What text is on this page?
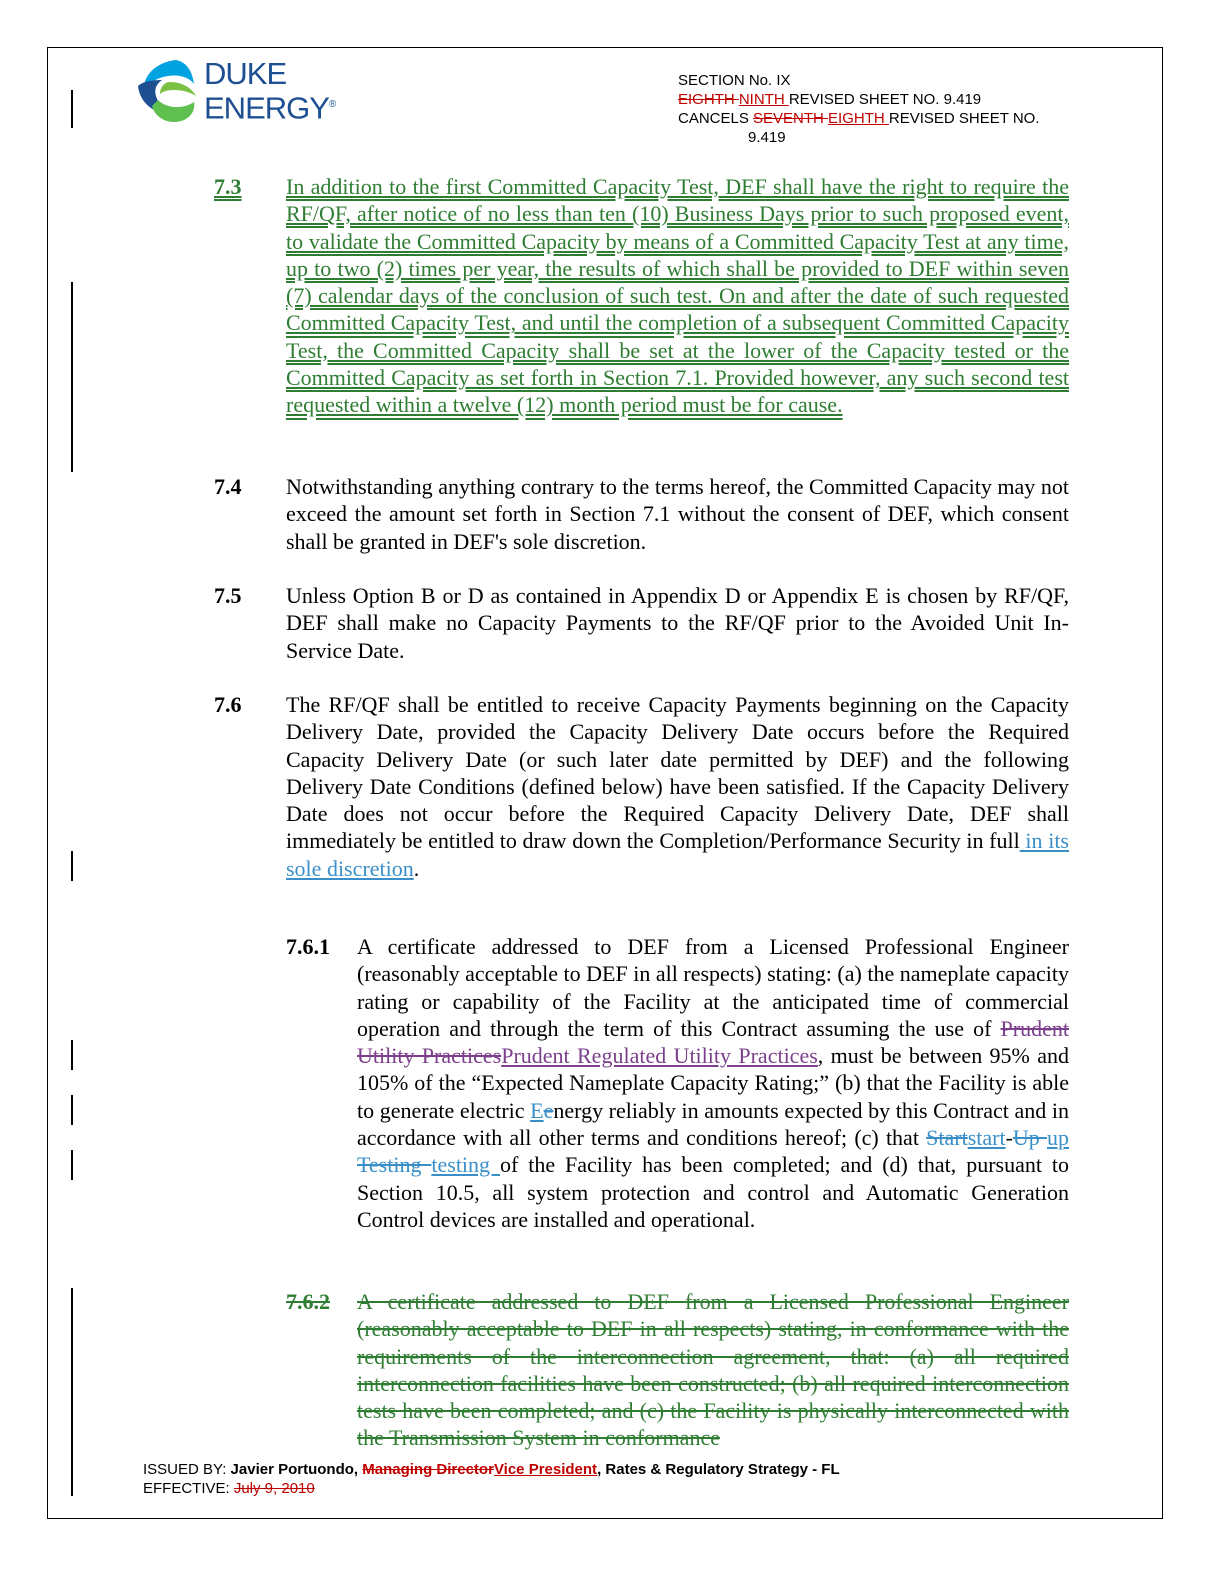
DUKE
ENERGY®
SECTION No. IX
EIGHTH NINTH REVISED SHEET NO. 9.419
CANCELS SEVENTH EIGHTH REVISED SHEET NO.
9.419
7.3 In addition to the first Committed Capacity Test, DEF shall have the right to require the RF/QF, after notice of no less than ten (10) Business Days prior to such proposed event, to validate the Committed Capacity by means of a Committed Capacity Test at any time, up to two (2) times per year, the results of which shall be provided to DEF within seven (7) calendar days of the conclusion of such test. On and after the date of such requested Committed Capacity Test, and until the completion of a subsequent Committed Capacity Test, the Committed Capacity shall be set at the lower of the Capacity tested or the Committed Capacity as set forth in Section 7.1. Provided however, any such second test requested within a twelve (12) month period must be for cause.
7.4 Notwithstanding anything contrary to the terms hereof, the Committed Capacity may not exceed the amount set forth in Section 7.1 without the consent of DEF, which consent shall be granted in DEF's sole discretion.
7.5 Unless Option B or D as contained in Appendix D or Appendix E is chosen by RF/QF, DEF shall make no Capacity Payments to the RF/QF prior to the Avoided Unit In-Service Date.
7.6 The RF/QF shall be entitled to receive Capacity Payments beginning on the Capacity Delivery Date, provided the Capacity Delivery Date occurs before the Required Capacity Delivery Date (or such later date permitted by DEF) and the following Delivery Date Conditions (defined below) have been satisfied. If the Capacity Delivery Date does not occur before the Required Capacity Delivery Date, DEF shall immediately be entitled to draw down the Completion/Performance Security in full in its sole discretion.
7.6.1 A certificate addressed to DEF from a Licensed Professional Engineer (reasonably acceptable to DEF in all respects) stating: (a) the nameplate capacity rating or capability of the Facility at the anticipated time of commercial operation and through the term of this Contract assuming the use of Prudent Utility PracticesPrudent Regulated Utility Practices, must be between 95% and 105% of the “Expected Nameplate Capacity Rating;” (b) that the Facility is able to generate electric Eenergy reliably in amounts expected by this Contract and in accordance with all other terms and conditions hereof; (c) that Startstart-Up up Testing testing of the Facility has been completed; and (d) that, pursuant to Section 10.5, all system protection and control and Automatic Generation Control devices are installed and operational.
7.6.2 A certificate addressed to DEF from a Licensed Professional Engineer (reasonably acceptable to DEF in all respects) stating, in conformance with the requirements of the interconnection agreement, that: (a) all required interconnection facilities have been constructed; (b) all required interconnection tests have been completed; and (c) the Facility is physically interconnected with the Transmission System in conformance
ISSUED BY: Javier Portuondo, Managing DirectorVice President, Rates & Regulatory Strategy - FL
EFFECTIVE: July 9, 2010
